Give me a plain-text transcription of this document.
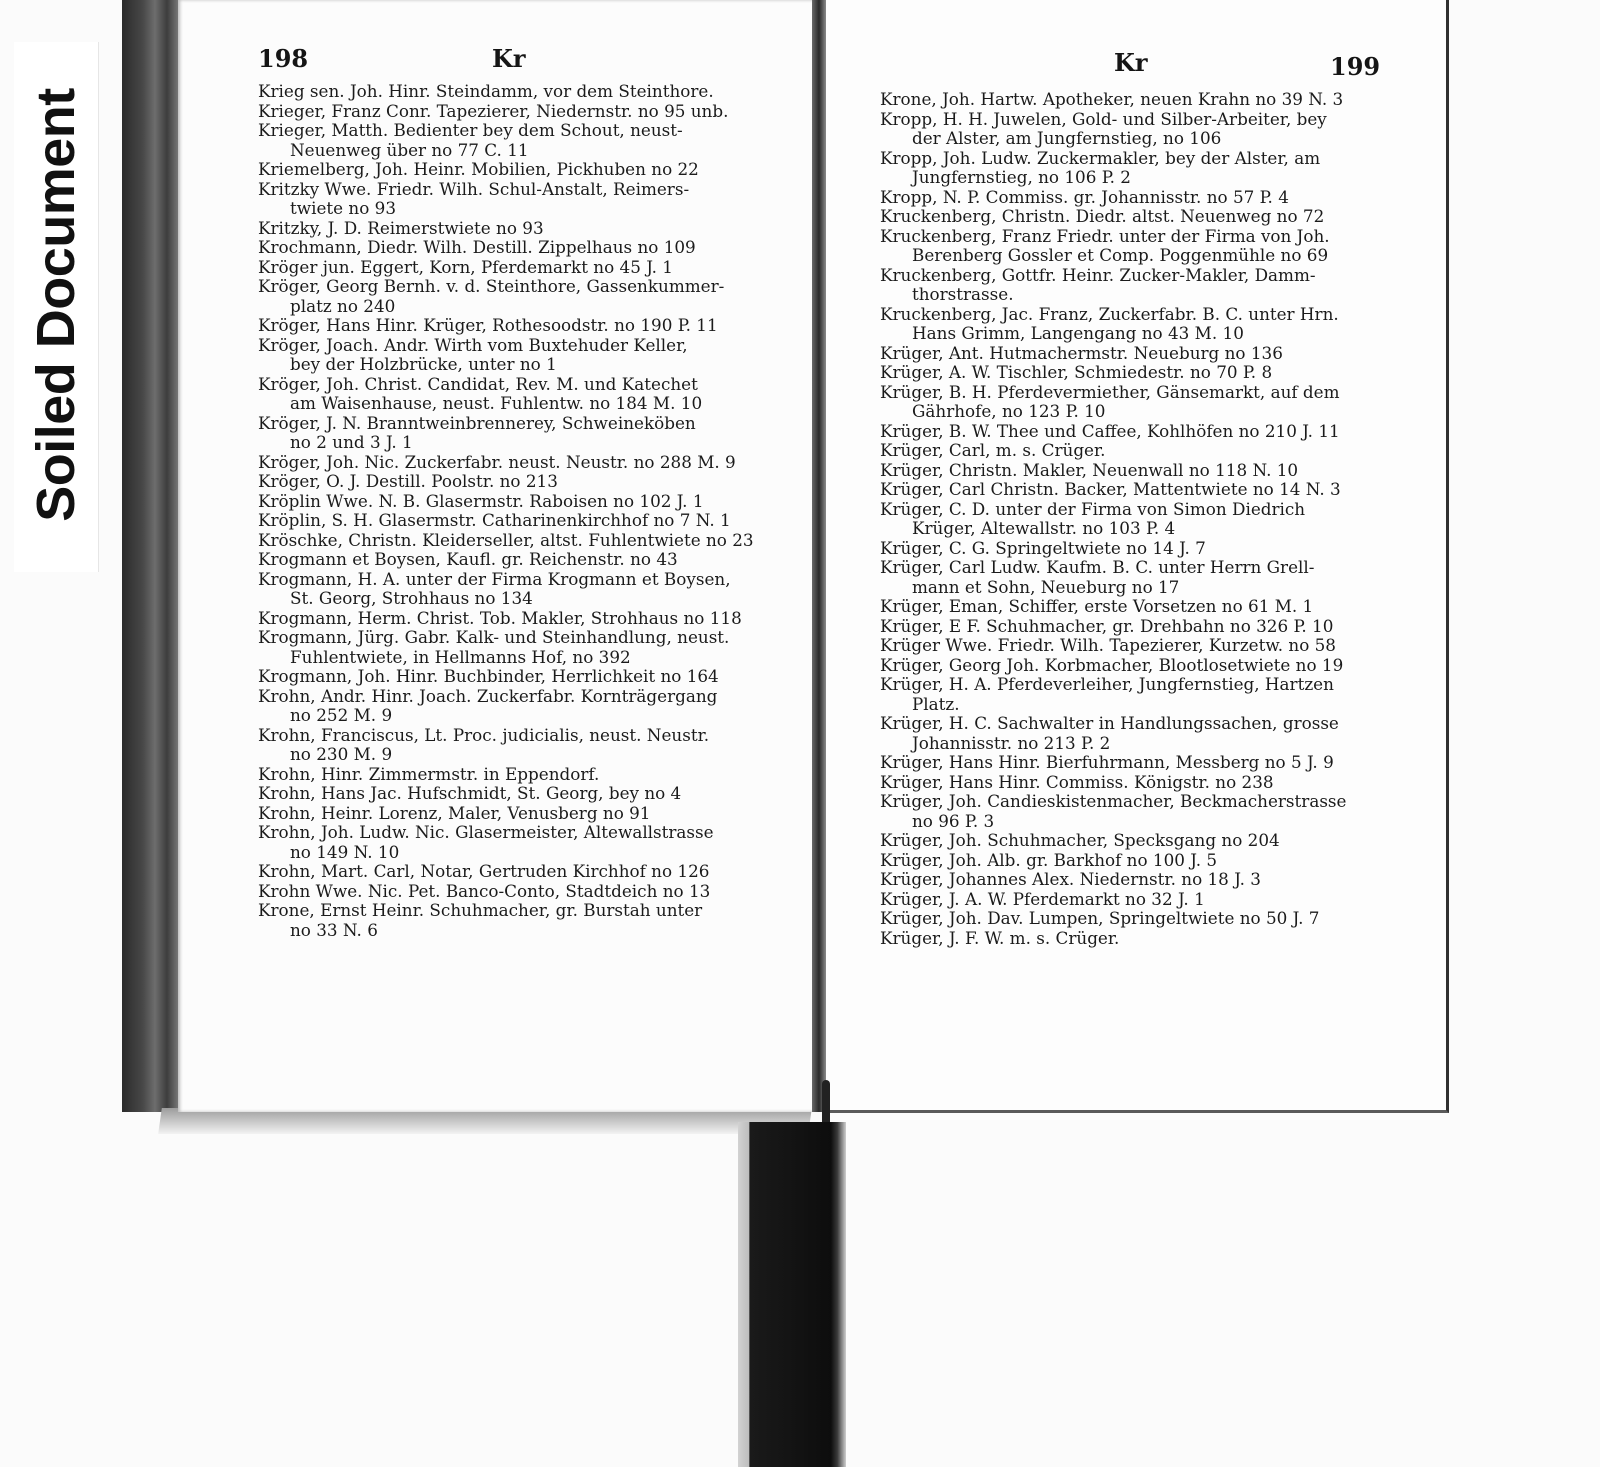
Soiled Document
198	Kr	Kr	199
Krieg sen. Joh. Hinr. Steindamm, vor dem Steinthore.
Krieger, Franz Conr. Tapezierer, Niedernstr. no 95 unb.
Krieger, Matth. Bedienter bey dem Schout, neust-
Neuenweg über no 77 C. 11
Kriemelberg, Joh. Heinr. Mobilien, Pickhuben no 22
Kritzky Wwe. Friedr. Wilh. Schul-Anstalt, Reimers-
twiete no 93
Kritzky, J. D. Reimerstwiete no 93
Krochmann, Diedr. Wilh. Destill. Zippelhaus no 109
Kröger jun. Eggert, Korn, Pferdemarkt no 45 J. 1
Kröger, Georg Bernh. v. d. Steinthore, Gassenkummer-
platz no 240
Kröger, Hans Hinr. Krüger, Rothesoodstr. no 190 P. 11
Kröger, Joach. Andr. Wirth vom Buxtehuder Keller,
bey der Holzbrücke, unter no 1
Kröger, Joh. Christ. Candidat, Rev. M. und Katechet
am Waisenhause, neust. Fuhlentw. no 184 M. 10
Kröger, J. N. Branntweinbrennerey, Schweineköben
no 2 und 3 J. 1
Kröger, Joh. Nic. Zuckerfabr. neust. Neustr. no 288 M. 9
Kröger, O. J. Destill. Poolstr. no 213
Kröplin Wwe. N. B. Glasermstr. Raboisen no 102 J. 1
Kröplin, S. H. Glasermstr. Catharinenkirchhof no 7 N. 1
Kröschke, Christn. Kleiderseller, altst. Fuhlentwiete no 23
Krogmann et Boysen, Kaufl. gr. Reichenstr. no 43
Krogmann, H. A. unter der Firma Krogmann et Boysen,
St. Georg, Strohhaus no 134
Krogmann, Herm. Christ. Tob. Makler, Strohhaus no 118
Krogmann, Jürg. Gabr. Kalk- und Steinhandlung, neust.
Fuhlentwiete, in Hellmanns Hof, no 392
Krogmann, Joh. Hinr. Buchbinder, Herrlichkeit no 164
Krohn, Andr. Hinr. Joach. Zuckerfabr. Kornträgergang
no 252 M. 9
Krohn, Franciscus, Lt. Proc. judicialis, neust. Neustr.
no 230 M. 9
Krohn, Hinr. Zimmermstr. in Eppendorf.
Krohn, Hans Jac. Hufschmidt, St. Georg, bey no 4
Krohn, Heinr. Lorenz, Maler, Venusberg no 91
Krohn, Joh. Ludw. Nic. Glasermeister, Altewallstrasse
no 149 N. 10
Krohn, Mart. Carl, Notar, Gertruden Kirchhof no 126
Krohn Wwe. Nic. Pet. Banco-Conto, Stadtdeich no 13
Krone, Ernst Heinr. Schuhmacher, gr. Burstah unter
no 33 N. 6
Krone, Joh. Hartw. Apotheker, neuen Krahn no 39 N. 3
Kropp, H. H. Juwelen, Gold- und Silber-Arbeiter, bey
der Alster, am Jungfernstieg, no 106
Kropp, Joh. Ludw. Zuckermakler, bey der Alster, am
Jungfernstieg, no 106 P. 2
Kropp, N. P. Commiss. gr. Johannisstr. no 57 P. 4
Kruckenberg, Christn. Diedr. altst. Neuenweg no 72
Kruckenberg, Franz Friedr. unter der Firma von Joh.
Berenberg Gossler et Comp. Poggenmühle no 69
Kruckenberg, Gottfr. Heinr. Zucker-Makler, Damm-
thorstrasse.
Kruckenberg, Jac. Franz, Zuckerfabr. B. C. unter Hrn.
Hans Grimm, Langengang no 43 M. 10
Krüger, Ant. Hutmachermstr. Neueburg no 136
Krüger, A. W. Tischler, Schmiedestr. no 70 P. 8
Krüger, B. H. Pferdevermiether, Gänsemarkt, auf dem
Gährhofe, no 123 P. 10
Krüger, B. W. Thee und Caffee, Kohlhöfen no 210 J. 11
Krüger, Carl, m. s. Crüger.
Krüger, Christn. Makler, Neuenwall no 118 N. 10
Krüger, Carl Christn. Backer, Mattentwiete no 14 N. 3
Krüger, C. D. unter der Firma von Simon Diedrich
Krüger, Altewallstr. no 103 P. 4
Krüger, C. G. Springeltwiete no 14 J. 7
Krüger, Carl Ludw. Kaufm. B. C. unter Herrn Grell-
mann et Sohn, Neueburg no 17
Krüger, Eman, Schiffer, erste Vorsetzen no 61 M. 1
Krüger, E F. Schuhmacher, gr. Drehbahn no 326 P. 10
Krüger Wwe. Friedr. Wilh. Tapezierer, Kurzetw. no 58
Krüger, Georg Joh. Korbmacher, Blootlosetwiete no 19
Krüger, H. A. Pferdeverleiher, Jungfernstieg, Hartzen
Platz.
Krüger, H. C. Sachwalter in Handlungssachen, grosse
Johannisstr. no 213 P. 2
Krüger, Hans Hinr. Bierfuhrmann, Messberg no 5 J. 9
Krüger, Hans Hinr. Commiss. Königstr. no 238
Krüger, Joh. Candieskistenmacher, Beckmacherstrasse
no 96 P. 3
Krüger, Joh. Schuhmacher, Specksgang no 204
Krüger, Joh. Alb. gr. Barkhof no 100 J. 5
Krüger, Johannes Alex. Niedernstr. no 18 J. 3
Krüger, J. A. W. Pferdemarkt no 32 J. 1
Krüger, Joh. Dav. Lumpen, Springeltwiete no 50 J. 7
Krüger, J. F. W. m. s. Crüger.
